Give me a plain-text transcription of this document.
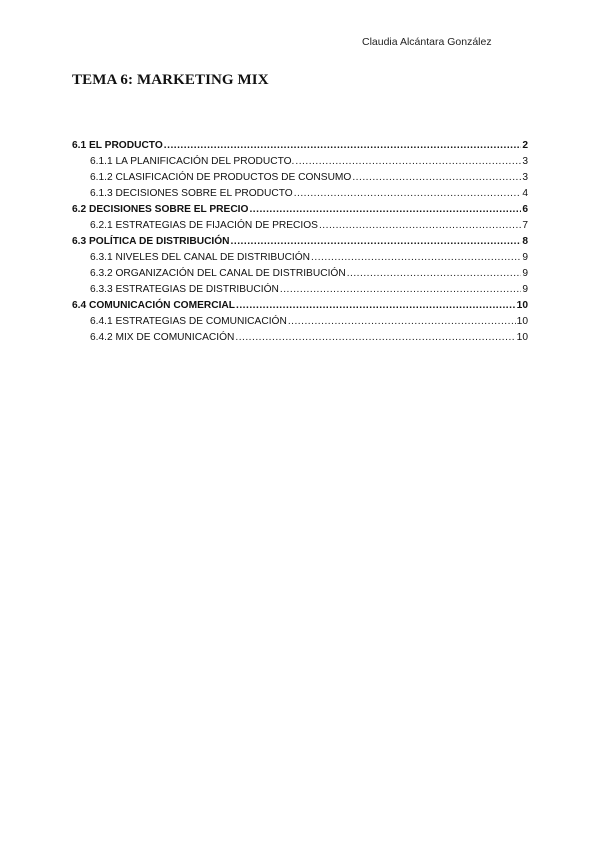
Claudia Alcántara González
TEMA 6: MARKETING MIX
6.1 EL PRODUCTO .....	2
6.1.1 LA PLANIFICACIÓN DEL PRODUCTO. .....	3
6.1.2 CLASIFICACIÓN DE PRODUCTOS DE CONSUMO .....	3
6.1.3 DECISIONES SOBRE EL PRODUCTO .....	4
6.2 DECISIONES SOBRE EL PRECIO .....	6
6.2.1 ESTRATEGIAS DE FIJACIÓN DE PRECIOS .....	7
6.3 POLÍTICA DE DISTRIBUCIÓN .....	8
6.3.1 NIVELES DEL CANAL DE DISTRIBUCIÓN .....	9
6.3.2 ORGANIZACIÓN DEL CANAL DE DISTRIBUCIÓN .....	9
6.3.3 ESTRATEGIAS DE DISTRIBUCIÓN .....	9
6.4 COMUNICACIÓN COMERCIAL .....	10
6.4.1 ESTRATEGIAS DE COMUNICACIÓN .....	10
6.4.2 MIX DE COMUNICACIÓN .....	10
